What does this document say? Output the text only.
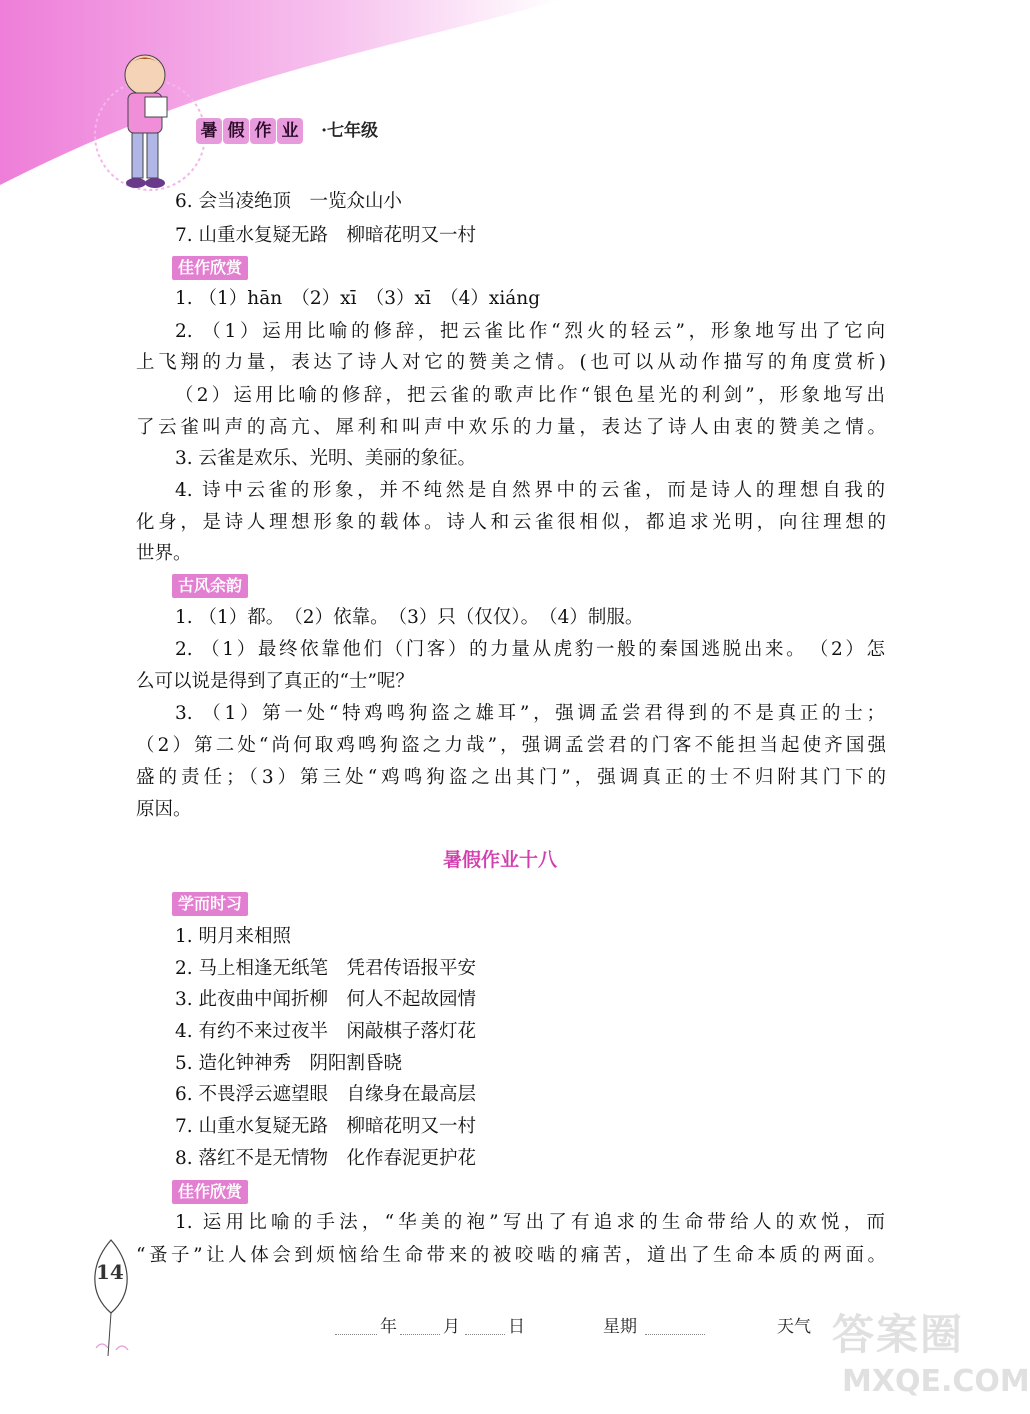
暑 假 作 业 ·七年级
6. 会当凌绝顶　一览众山小
7. 山重水复疑无路　柳暗花明又一村
佳作欣赏
1. （1）hān　（2）xī　（3）xī　（4）xiáng
2. （1）运用比喻的修辞，把云雀比作“烈火的轻云”，形象地写出了它向
上飞翔的力量，表达了诗人对它的赞美之情。(也可以从动作描写的角度赏析)
（2）运用比喻的修辞，把云雀的歌声比作“银色星光的利剑”，形象地写出
了云雀叫声的高亢、犀利和叫声中欢乐的力量，表达了诗人由衷的赞美之情。
3. 云雀是欢乐、光明、美丽的象征。
4. 诗中云雀的形象，并不纯然是自然界中的云雀，而是诗人的理想自我的
化身，是诗人理想形象的载体。诗人和云雀很相似，都追求光明，向往理想的
世界。
古风余韵
1. （1）都。　（2）依靠。　（3）只（仅仅）。　（4）制服。
2. （1）最终依靠他们（门客）的力量从虎豹一般的秦国逃脱出来。　（2）怎
么可以说是得到了真正的“士”呢？
3. （1）第一处“特鸡鸣狗盗之雄耳”，强调孟尝君得到的不是真正的士；
（2）第二处“尚何取鸡鸣狗盗之力哉”，强调孟尝君的门客不能担当起使齐国强
盛的责任；（3）第三处“鸡鸣狗盗之出其门”，强调真正的士不归附其门下的
原因。
暑假作业十八
学而时习
1. 明月来相照
2. 马上相逢无纸笔　凭君传语报平安
3. 此夜曲中闻折柳　何人不起故园情
4. 有约不来过夜半　闲敲棋子落灯花
5. 造化钟神秀　阴阳割昏晓
6. 不畏浮云遮望眼　自缘身在最高层
7. 山重水复疑无路　柳暗花明又一村
8. 落红不是无情物　化作春泥更护花
佳作欣赏
1. 运用比喻的手法，“华美的袍”写出了有追求的生命带给人的欢悦，而
“蚤子”让人体会到烦恼给生命带来的被咬啮的痛苦，道出了生命本质的两面。
14
年	月	日	星期	天气 答案圈
MXQE.COM
